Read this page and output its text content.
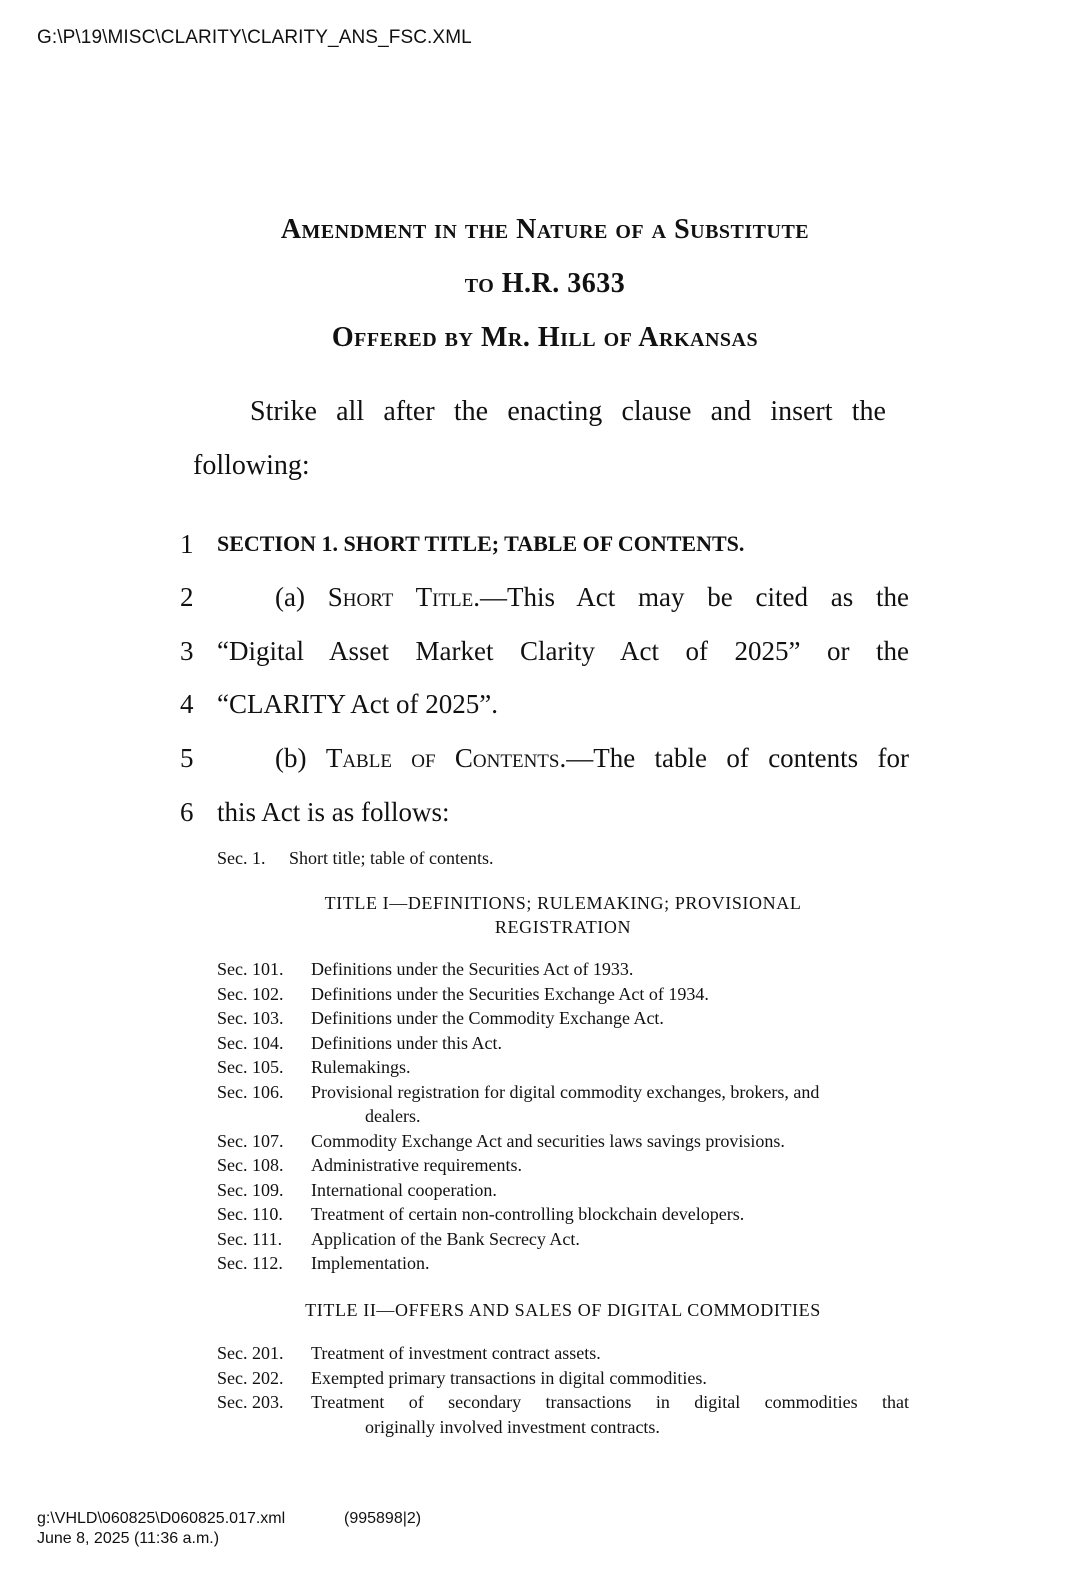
G:\P\19\MISC\CLARITY\CLARITY_ANS_FSC.XML
Amendment in the Nature of a Substitute
to H.R. 3633
Offered by Mr. Hill of Arkansas
Strike all after the enacting clause and insert the
following:
1
2
3
4
5
6
SECTION 1. SHORT TITLE; TABLE OF CONTENTS.
(a) Short Title.—This Act may be cited as the
“Digital Asset Market Clarity Act of 2025” or the
“CLARITY Act of 2025”.
(b) Table of Contents.—The table of contents for
this Act is as follows:
Sec. 1.	Short title; table of contents.
TITLE I—DEFINITIONS; RULEMAKING; PROVISIONAL
REGISTRATION
Sec. 101.	Definitions under the Securities Act of 1933.
Sec. 102.	Definitions under the Securities Exchange Act of 1934.
Sec. 103.	Definitions under the Commodity Exchange Act.
Sec. 104.	Definitions under this Act.
Sec. 105.	Rulemakings.
Sec. 106.	Provisional registration for digital commodity exchanges, brokers, and
dealers.
Sec. 107.	Commodity Exchange Act and securities laws savings provisions.
Sec. 108.	Administrative requirements.
Sec. 109.	International cooperation.
Sec. 110.	Treatment of certain non-controlling blockchain developers.
Sec. 111.	Application of the Bank Secrecy Act.
Sec. 112.	Implementation.
TITLE II—OFFERS AND SALES OF DIGITAL COMMODITIES
Sec. 201.	Treatment of investment contract assets.
Sec. 202.	Exempted primary transactions in digital commodities.
Sec. 203.	Treatment of secondary transactions in digital commodities that
originally involved investment contracts.
g:\VHLD\060825\D060825.017.xml
June 8, 2025 (11:36 a.m.)
(995898|2)
